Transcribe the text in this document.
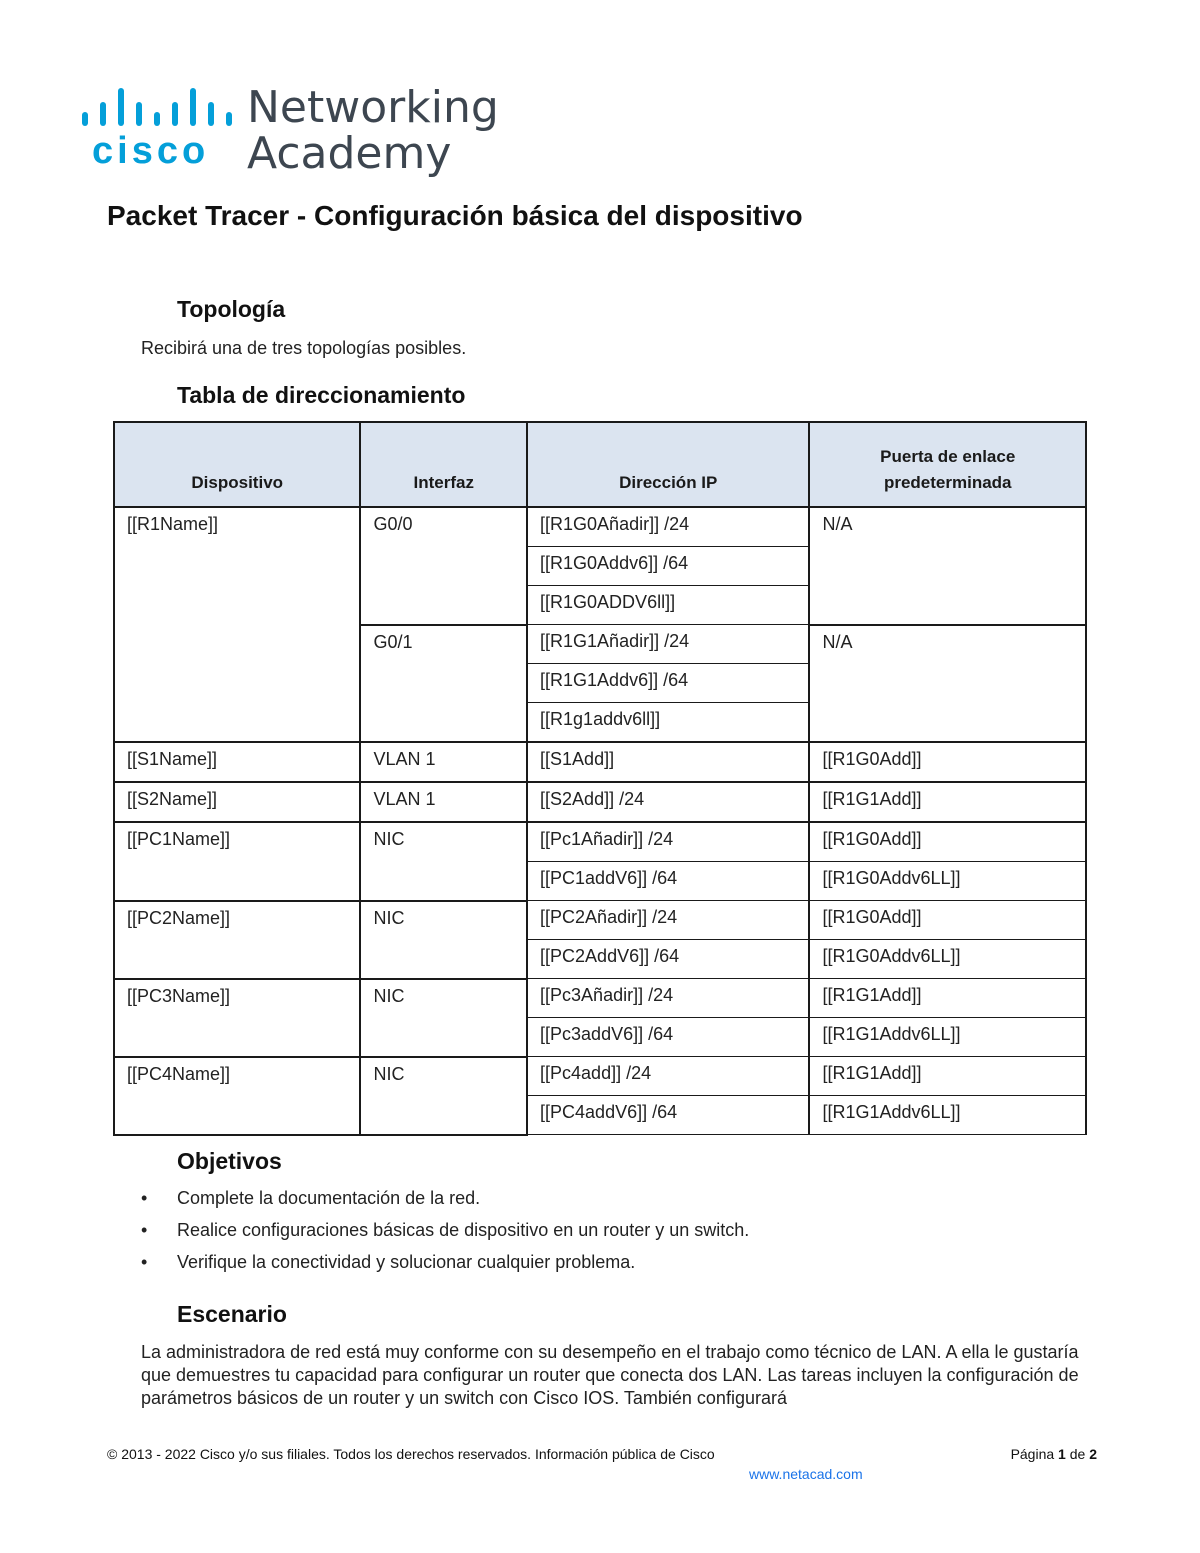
cisco
Networking
Academy
Packet Tracer - Configuración básica del dispositivo
Topología
Recibirá una de tres topologías posibles.
Tabla de direccionamiento
Dispositivo	Interfaz	Dirección IP	Puerta de enlace
predeterminada

[[R1Name]]	G0/0	[[R1G0Añadir]] /24	N/A
		[[R1G0Addv6]] /64	
		[[R1G0ADDV6ll]]	
	G0/1	[[R1G1Añadir]] /24	N/A
		[[R1G1Addv6]] /64	
		[[R1g1addv6ll]]	
[[S1Name]]	VLAN 1	[[S1Add]]	[[R1G0Add]]
[[S2Name]]	VLAN 1	[[S2Add]] /24	[[R1G1Add]]
[[PC1Name]]	NIC	[[Pc1Añadir]] /24	[[R1G0Add]]
		[[PC1addV6]] /64	[[R1G0Addv6LL]]
[[PC2Name]]	NIC	[[PC2Añadir]] /24	[[R1G0Add]]
		[[PC2AddV6]] /64	[[R1G0Addv6LL]]
[[PC3Name]]	NIC	[[Pc3Añadir]] /24	[[R1G1Add]]
		[[Pc3addV6]] /64	[[R1G1Addv6LL]]
[[PC4Name]]	NIC	[[Pc4add]] /24	[[R1G1Add]]
		[[PC4addV6]] /64	[[R1G1Addv6LL]]
Objetivos
• Complete la documentación de la red.
• Realice configuraciones básicas de dispositivo en un router y un switch.
• Verifique la conectividad y solucionar cualquier problema.
Escenario
La administradora de red está muy conforme con su desempeño en el trabajo como técnico de LAN. A ella le gustaría que demuestres tu capacidad para configurar un router que conecta dos LAN. Las tareas incluyen la configuración de parámetros básicos de un router y un switch con Cisco IOS. También configurará
© 2013 - 2022 Cisco y/o sus filiales. Todos los derechos reservados. Información pública de Cisco	Página 1 de 2
www.netacad.com
